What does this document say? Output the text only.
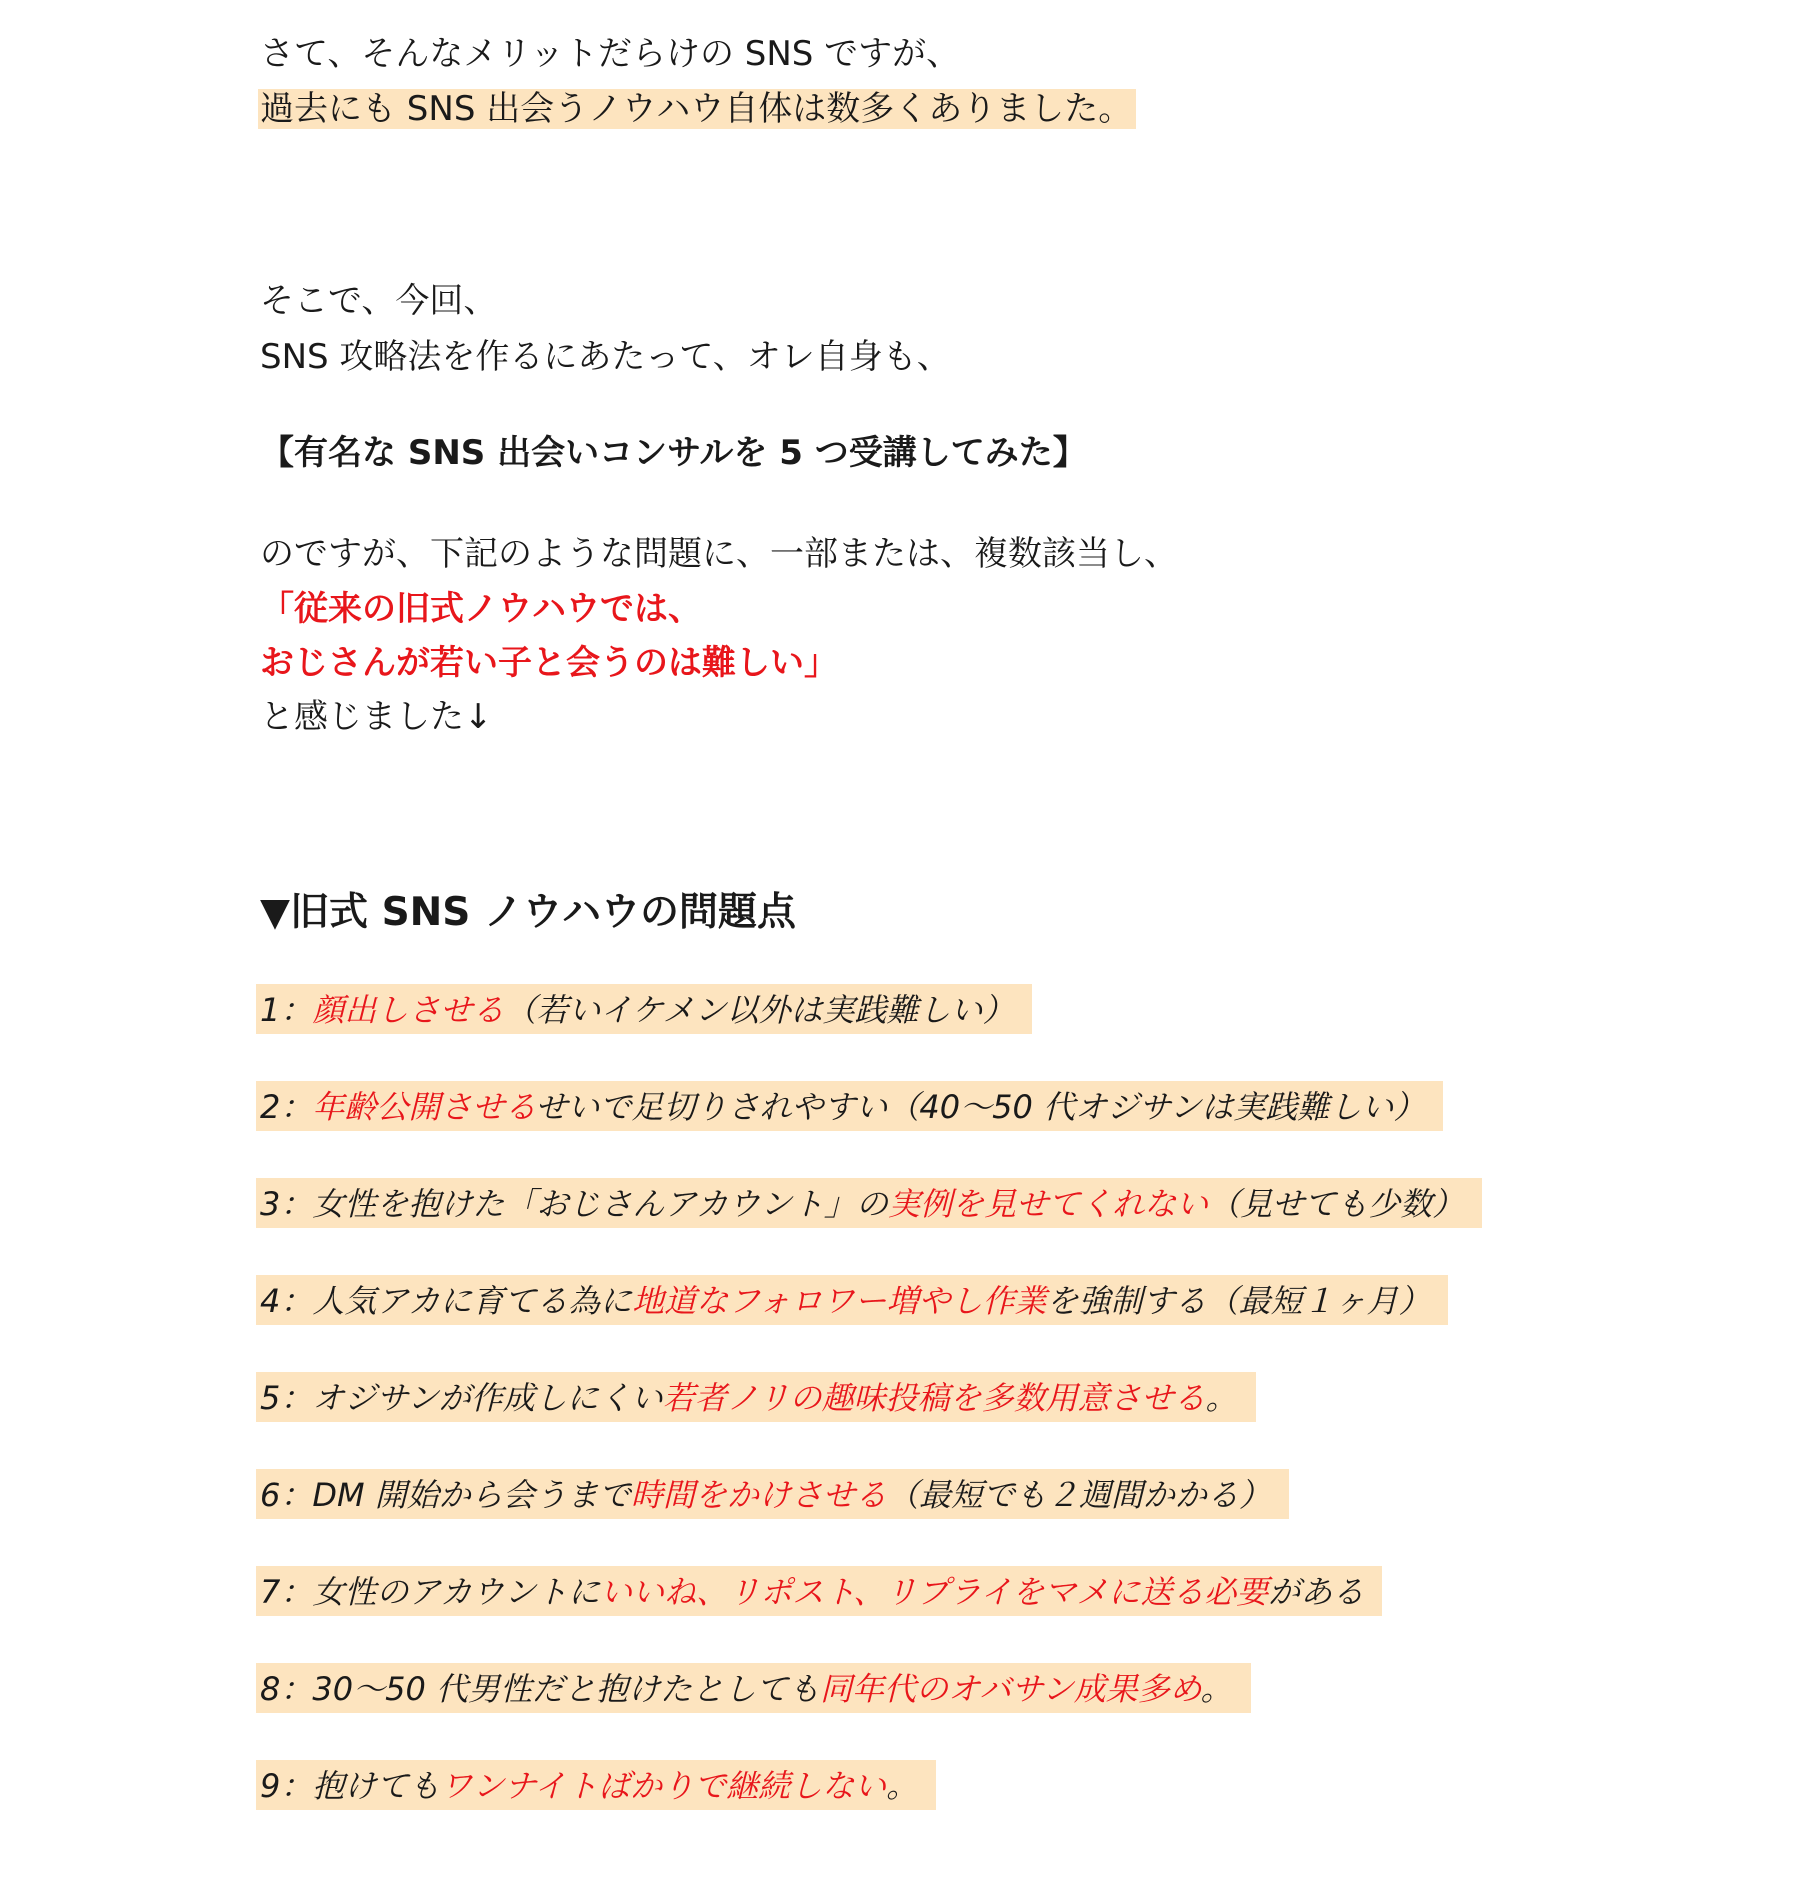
さて、そんなメリットだらけの SNS ですが、
過去にも SNS 出会うノウハウ自体は数多くありました。
そこで、今回、
SNS 攻略法を作るにあたって、オレ自身も、
【有名な SNS 出会いコンサルを 5 つ受講してみた】
のですが、下記のような問題に、一部または、複数該当し、
「従来の旧式ノウハウでは、
おじさんが若い子と会うのは難しい」
と感じました↓
▼旧式 SNS ノウハウの問題点
1：顔出しさせる（若いイケメン以外は実践難しい）
2：年齢公開させるせいで足切りされやすい（40〜50 代オジサンは実践難しい）
3：女性を抱けた「おじさんアカウント」の実例を見せてくれない（見せても少数）
4：人気アカに育てる為に地道なフォロワー増やし作業を強制する（最短１ヶ月）
5：オジサンが作成しにくい若者ノリの趣味投稿を多数用意させる。
6：DM 開始から会うまで時間をかけさせる（最短でも２週間かかる）
7：女性のアカウントにいいね、リポスト、リプライをマメに送る必要がある
8：30〜50 代男性だと抱けたとしても同年代のオバサン成果多め。
9：抱けてもワンナイトばかりで継続しない。
